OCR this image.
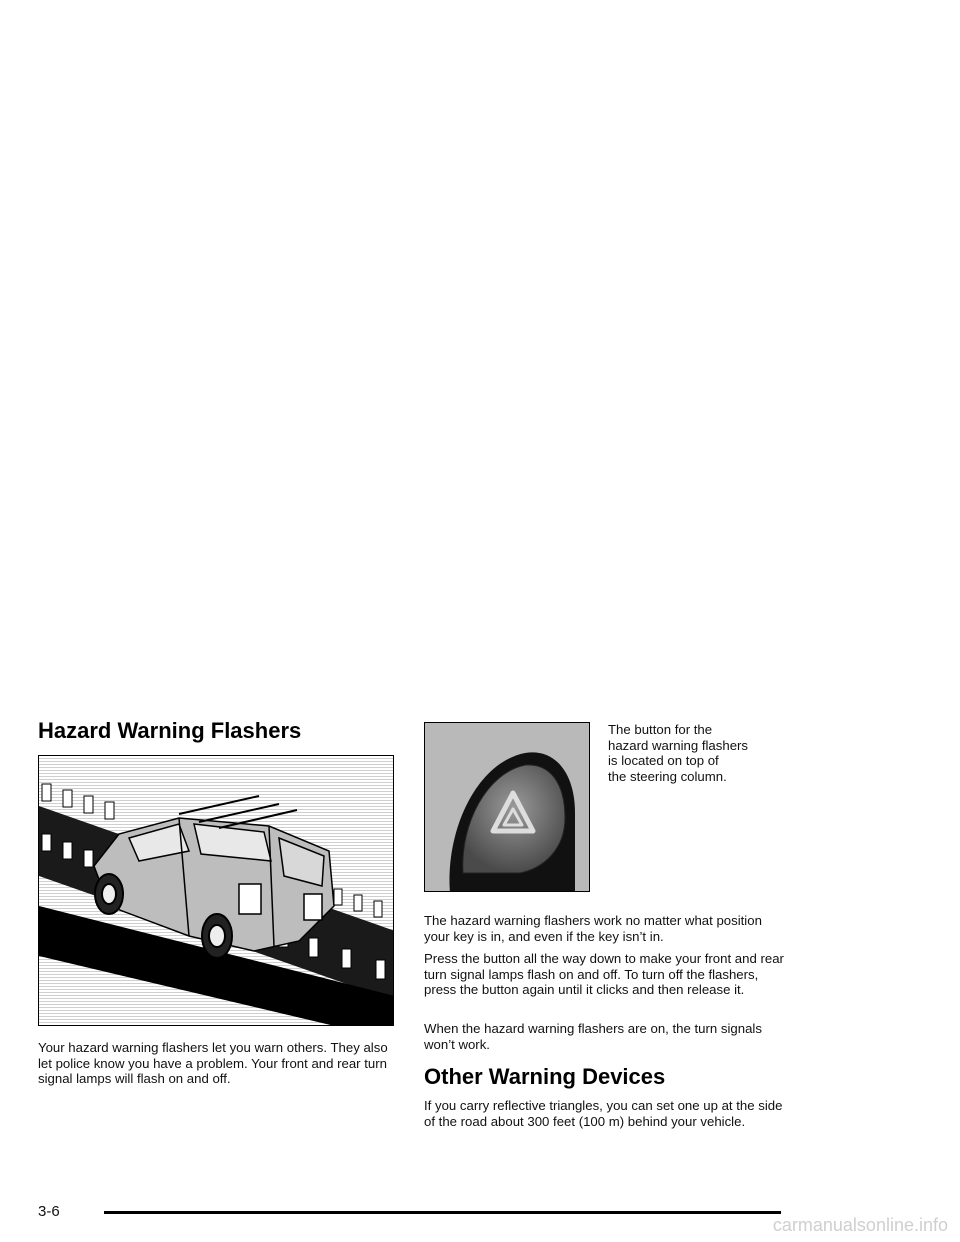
Hazard Warning Flashers

Your hazard warning flashers let you warn others. They also let police know you have a problem. Your front and rear turn signal lamps will flash on and off.

The button for the
hazard warning flashers
is located on top of
the steering column.

The hazard warning flashers work no matter what position your key is in, and even if the key isn’t in.

Press the button all the way down to make your front and rear turn signal lamps flash on and off. To turn off the flashers, press the button again until it clicks and then release it.

When the hazard warning flashers are on, the turn signals won’t work.

Other Warning Devices

If you carry reflective triangles, you can set one up at the side of the road about 300 feet (100 m) behind your vehicle.

3-6
carmanualsonline.info
